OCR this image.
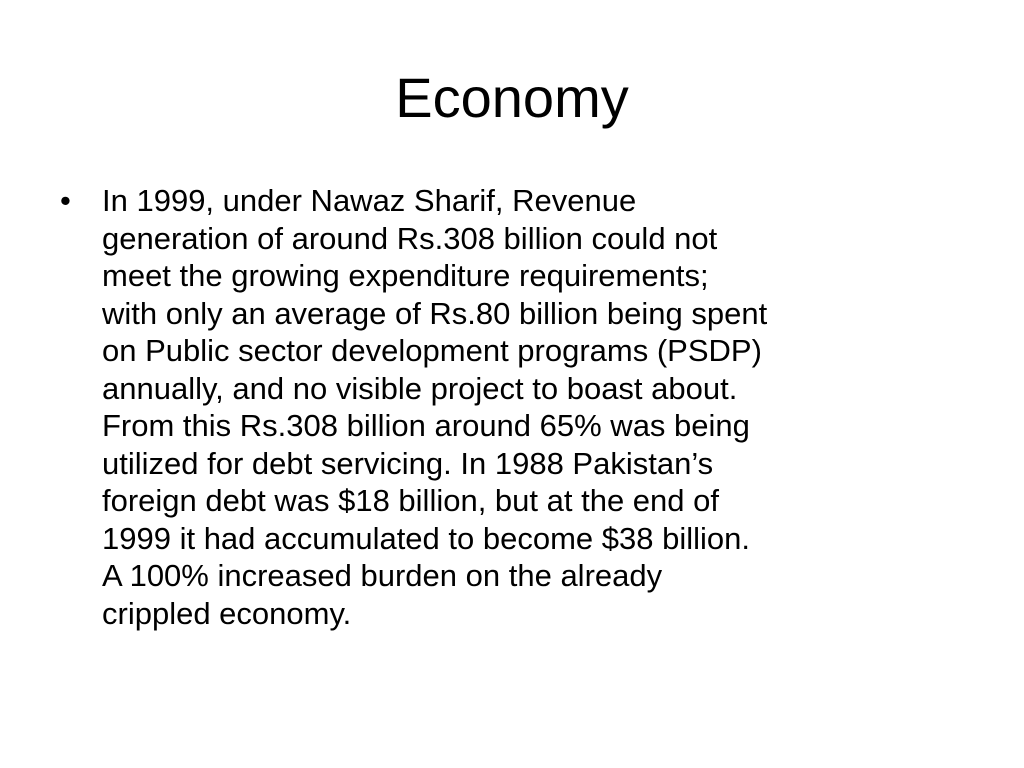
Economy
• In 1999, under Nawaz Sharif, Revenue
generation of around Rs.308 billion could not
meet the growing expenditure requirements;
with only an average of Rs.80 billion being spent
on Public sector development programs (PSDP)
annually, and no visible project to boast about.
From this Rs.308 billion around 65% was being
utilized for debt servicing. In 1988 Pakistan’s
foreign debt was $18 billion, but at the end of
1999 it had accumulated to become $38 billion.
A 100% increased burden on the already
crippled economy.
